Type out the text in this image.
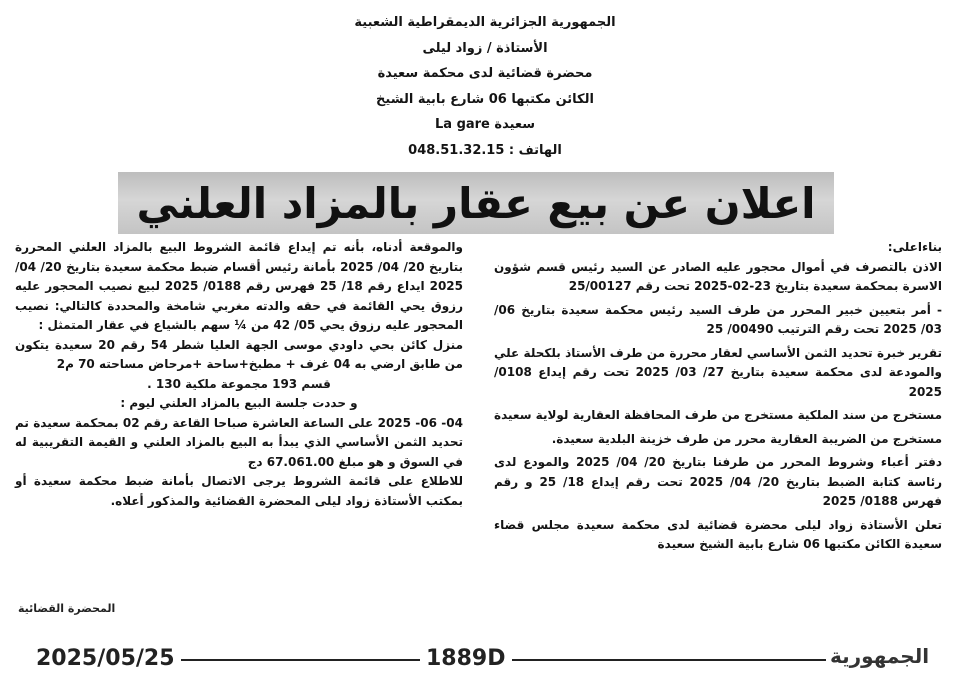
الجمهورية الجزائرية الديمقراطية الشعبية
الأستاذة / زواد ليلى
محضرة قضائية لدى محكمة سعيدة
الكائن مكتبها 06 شارع بابية الشيخ
سعيدة La gare
الهاتف : 048.51.32.15
اعلان عن بيع عقار بالمزاد العلني

بناءاعلى:

الاذن بالتصرف في أموال محجور عليه الصادر عن السيد رئيس قسم شؤون الاسرة بمحكمة سعيدة بتاريخ 23-02-2025 تحت رقم 25/00127

- أمر بتعيين خبير المحرر من طرف السيد رئيس محكمة سعيدة بتاريخ 06/ 03/ 2025 تحت رقم الترتيب 00490/ 25

تقرير خبرة تحديد الثمن الأساسي لعقار محررة من طرف الأستاذ بلكحلة علي والمودعة لدى محكمة سعيدة بتاريخ 27/ 03/ 2025 تحت رقم إيداع 0108/ 2025

مستخرج من سند الملكية مستخرج من طرف المحافظة العقارية لولاية سعيدة

مستخرج من الضريبة العقارية محرر من طرف خزينة البلدية سعيدة.

دفتر أعباء وشروط المحرر من طرفنا بتاريخ 20/ 04/ 2025 والمودع لدى رئاسة كتابة الضبط بتاريخ 20/ 04/ 2025 تحت رقم إيداع 18/ 25 و رقم فهرس 0188/ 2025

تعلن الأستاذة زواد ليلى محضرة قضائية لدى محكمة سعيدة مجلس قضاء سعيدة الكائن مكتبها 06 شارع بابية الشيخ سعيدة

والموقعة أدناه، بأنه تم إيداع قائمة الشروط البيع بالمزاد العلني المحررة بتاريخ 20/ 04/ 2025 بأمانة رئيس أقسام ضبط محكمة سعيدة بتاريخ 20/ 04/ 2025 ايداع رقم 18/ 25 فهرس رقم 0188/ 2025 لبيع نصيب المحجور عليه رزوق يحي القائمة في حقه والدته مغربي شامخة والمحددة كالتالي: نصيب المحجور عليه رزوق يحي 05/ 42 من ¼ سهم بالشياع في عقار المتمثل :

منزل كائن بحي داودي موسى الجهة العليا شطر 54 رقم 20 سعيدة يتكون من طابق ارضي به 04 غرف + مطبخ+ساحة +مرحاض مساحته 70 م2

قسم 193 مجموعة ملكية 130 .

و حددت جلسة البيع بالمزاد العلني ليوم :

04- 06- 2025 على الساعة العاشرة صباحا القاعة رقم 02 بمحكمة سعيدة تم تحديد الثمن الأساسي الذي يبدأ به البيع بالمزاد العلني و القيمة التقريبية له في السوق و هو مبلغ 67.061.00 دج

للاطلاع على قائمة الشروط يرجى الاتصال بأمانة ضبط محكمة سعيدة أو بمكتب الأستاذة زواد ليلى المحضرة القضائية والمذكور أعلاه.

المحضرة القضائية
2025/05/25	1889D	الجمهورية
